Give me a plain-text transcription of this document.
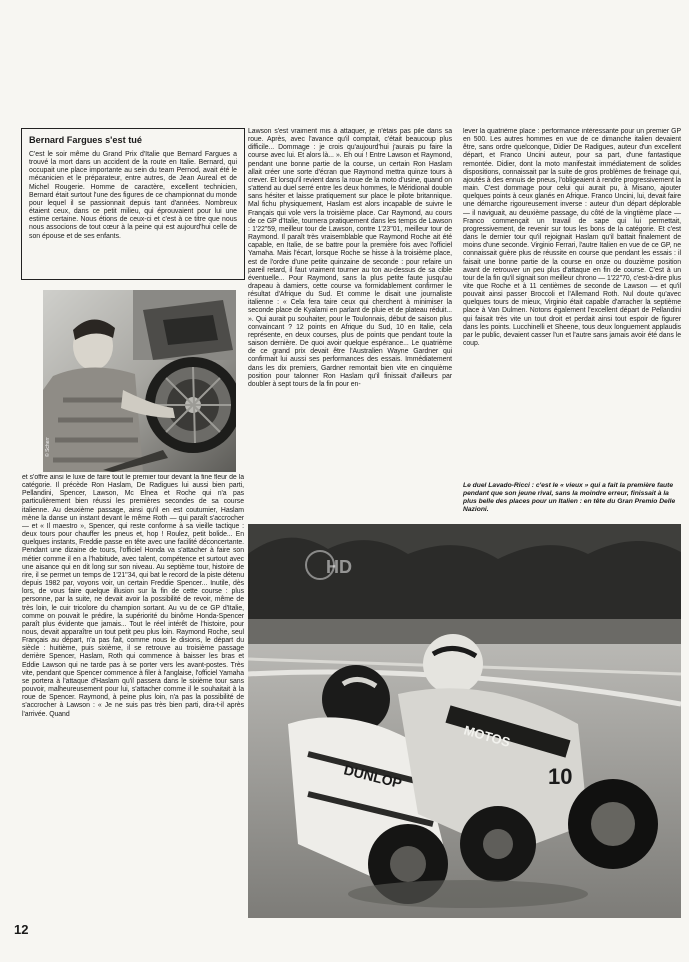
Bernard Fargues s'est tué
C'est le soir même du Grand Prix d'Italie que Bernard Fargues a trouvé la mort dans un accident de la route en Italie. Bernard, qui occupait une place importante au sein du team Pernod, avait été le mécanicien et le préparateur, entre autres, de Jean Aureal et de Michel Rougerie. Homme de caractère, excellent technicien, Bernard était surtout l'une des figures de ce championnat du monde pour lequel il se passionnait depuis tant d'années. Nombreux étaient ceux, dans ce petit milieu, qui éprouvaient pour lui une estime certaine. Nous étions de ceux-ci et c'est à ce titre que nous nous associons de tout cœur à la peine qui est aujourd'hui celle de son épouse et de ses enfants.
© Scherr
et s'offre ainsi le luxe de faire tout le premier tour devant la fine fleur de la catégorie. Il précède Ron Haslam, De Radigues lui aussi bien parti, Pellandini, Spencer, Lawson, Mc Elnea et Roche qui n'a pas particulièrement bien réussi les premières secondes de sa course italienne. Au deuxième passage, ainsi qu'il en est coutumier, Haslam mène la danse un instant devant le même Roth — qui paraît s'accrocher — et « Il maestro », Spencer, qui reste conforme à sa vieille tactique : deux tours pour chauffer les pneus et, hop ! Roulez, petit bolide... En quelques instants, Freddie passe en tête avec une facilité déconcertante. Pendant une dizaine de tours, l'officiel Honda va s'attacher à faire son métier comme il en a l'habitude, avec talent, compétence et surtout avec une aisance qui en dit long sur son niveau. Au septième tour, histoire de rire, il se permet un temps de 1'21''34, qui bat le record de la piste détenu depuis 1982 par, voyons voir, un certain Freddie Spencer... Inutile, dès lors, de vous faire quelque illusion sur la fin de cette course : plus personne, par la suite, ne devait avoir la possibilité de revoir, même de très loin, le cuir tricolore du champion sortant. Au vu de ce GP d'Italie, comme on pouvait le prédire, la supériorité du binôme Honda-Spencer paraît plus évidente que jamais... Tout le réel intérêt de l'histoire, pour nous, devait apparaître un tout petit peu plus loin. Raymond Roche, seul Français au départ, n'a pas fait, comme nous le disions, le départ du siècle : huitième, puis sixième, il se retrouve au troisième passage derrière Spencer, Haslam, Roth qui commence à baisser les bras et Eddie Lawson qui ne tarde pas à se porter vers les avant-postes. Très vite, pendant que Spencer commence à filer à l'anglaise, l'officiel Yamaha se portera à l'attaque d'Haslam qu'il passera dans le sixième tour sans pouvoir, malheureusement pour lui, s'attacher comme il le souhaitait à la roue de Spencer. Raymond, à peine plus loin, n'a pas la possibilité de s'accrocher à Lawson : « Je ne suis pas très bien parti, dira-t-il après l'arrivée. Quand
Lawson s'est vraiment mis à attaquer, je n'étais pas pile dans sa roue. Après, avec l'avance qu'il comptait, c'était beaucoup plus difficile... Dommage : je crois qu'aujourd'hui j'aurais pu faire la course avec lui. Et alors là... ». Eh oui ! Entre Lawson et Raymond, pendant une bonne partie de la course, un certain Ron Haslam allait créer une sorte d'écran que Raymond mettra quinze tours à crever. Et lorsqu'il revient dans la roue de la moto d'usine, quand on s'attend au duel serré entre les deux hommes, le Méridional double sans hésiter et laisse pratiquement sur place le pilote britannique. Mal fichu physiquement, Haslam est alors incapable de suivre le Français qui vole vers la troisième place. Car Raymond, au cours de ce GP d'Italie, tournera pratiquement dans les temps de Lawson : 1'22''59, meilleur tour de Lawson, contre 1'23''01, meilleur tour de Raymond. Il paraît très vraisemblable que Raymond Roche ait été capable, en Italie, de se battre pour la première fois avec l'officiel Yamaha. Mais l'écart, lorsque Roche se hisse à la troisième place, est de l'ordre d'une petite quinzaine de seconde : pour refaire un pareil retard, il faut vraiment tourner au ton au-dessus de sa cible éventuelle... Pour Raymond, sans la plus petite faute jusqu'au drapeau à damiers, cette course va formidablement confirmer le résultat d'Afrique du Sud. Et comme le disait une journaliste italienne : « Cela fera taire ceux qui cherchent à minimiser la seconde place de Kyalami en parlant de pluie et de plateau réduit... ». Qui aurait pu souhaiter, pour le Toulonnais, début de saison plus convaincant ? 12 points en Afrique du Sud, 10 en Italie, cela représente, en deux courses, plus de points que pendant toute la saison dernière. De quoi avoir quelque espérance... Le quatrième de ce grand prix devait être l'Australien Wayne Gardner qui confirmait lui aussi ses performances des essais. Immédiatement dans les dix premiers, Gardner remontait bien vite en cinquième position pour talonner Ron Haslam qu'il finissait d'ailleurs par doubler à sept tours de la fin pour en-
lever la quatrième place : performance intéressante pour un premier GP en 500. Les autres hommes en vue de ce dimanche italien devaient être, sans ordre quelconque, Didier De Radigues, auteur d'un excellent départ, et Franco Uncini auteur, pour sa part, d'une fantastique remontée. Didier, dont la moto manifestait immédiatement de solides dispositions, connaissait par la suite de gros problèmes de freinage qui, ajoutés à des ennuis de pneus, l'obligeaient à rendre progressivement la main. C'est dommage pour celui qui aurait pu, à Misano, ajouter quelques points à ceux glanés en Afrique. Franco Uncini, lui, devait faire une démarche rigoureusement inverse : auteur d'un départ déplorable — il naviguait, au deuxième passage, du côté de la vingtième place — Franco commençait un travail de sape qui lui permettait, progressivement, de revenir sur tous les bons de la catégorie. Et c'est dans le dernier tour qu'il rejoignait Haslam qu'il battait finalement de moins d'une seconde. Virginio Ferrari, l'autre Italien en vue de ce GP, ne connaissait guère plus de réussite en course que pendant les essais : il faisait une bonne partie de la course en onze ou douzième position avant de retrouver un peu plus d'attaque en fin de course. C'est à un tour de la fin qu'il signait son meilleur chrono — 1'22''70, c'est-à-dire plus vite que Roche et à 11 centièmes de seconde de Lawson — et qu'il pouvait ainsi passer Broccoli et l'Allemand Roth. Nul doute qu'avec quelques tours de mieux, Virginio était capable d'arracher la septième place à Van Dulmen. Notons également l'excellent départ de Pellandini qui faisait très vite un tout droit et perdait ainsi tout espoir de figurer dans les points. Lucchinelli et Sheene, tous deux longuement applaudis par le public, devaient casser l'un et l'autre sans jamais avoir été dans le coup.
Le duel Lavado-Ricci : c'est le « vieux » qui a fait la première faute pendant que son jeune rival, sans la moindre erreur, finissait à la plus belle des places pour un Italien : en tête du Gran Premio Delle Nazioni.
DUNLOP
MOTOS
10
HD
12
